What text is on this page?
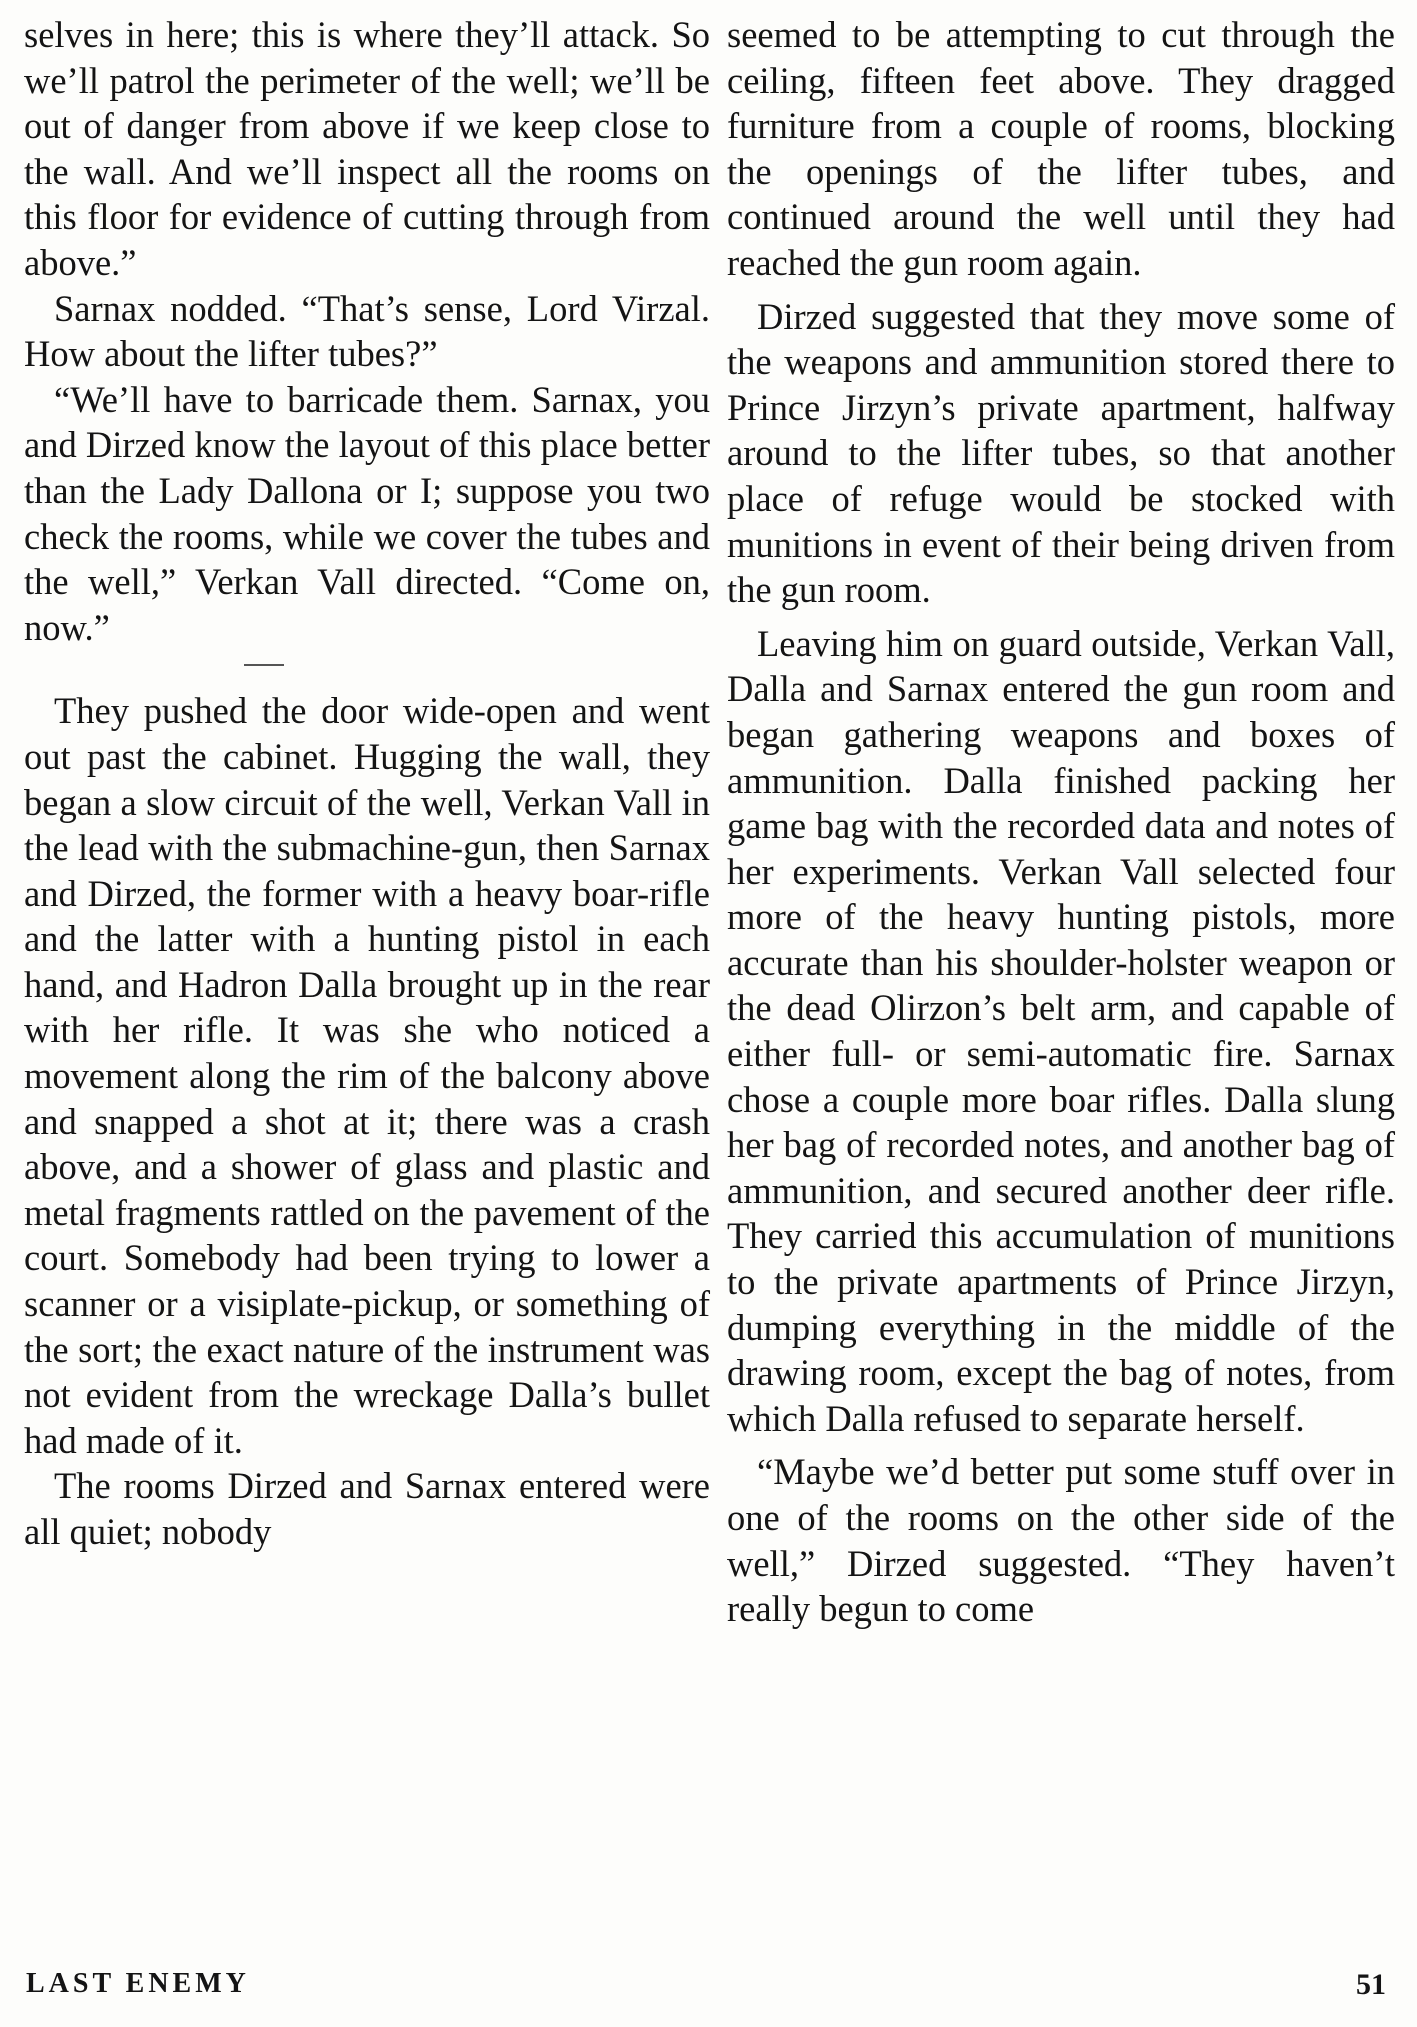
selves in here; this is where they’ll attack. So we’ll patrol the perimeter of the well; we’ll be out of danger from above if we keep close to the wall. And we’ll inspect all the rooms on this floor for evidence of cutting through from above.”

Sarnax nodded. “That’s sense, Lord Virzal. How about the lifter tubes?”

“We’ll have to barricade them. Sarnax, you and Dirzed know the layout of this place better than the Lady Dallona or I; suppose you two check the rooms, while we cover the tubes and the well,” Verkan Vall directed. “Come on, now.”

They pushed the door wide-open and went out past the cabinet. Hugging the wall, they began a slow circuit of the well, Verkan Vall in the lead with the submachine-gun, then Sarnax and Dirzed, the former with a heavy boar-rifle and the latter with a hunting pistol in each hand, and Hadron Dalla brought up in the rear with her rifle. It was she who noticed a movement along the rim of the balcony above and snapped a shot at it; there was a crash above, and a shower of glass and plastic and metal fragments rattled on the pavement of the court. Somebody had been trying to lower a scanner or a visiplate-pickup, or something of the sort; the exact nature of the instrument was not evident from the wreckage Dalla’s bullet had made of it.

The rooms Dirzed and Sarnax entered were all quiet; nobody

seemed to be attempting to cut through the ceiling, fifteen feet above. They dragged furniture from a couple of rooms, blocking the openings of the lifter tubes, and continued around the well until they had reached the gun room again.

Dirzed suggested that they move some of the weapons and ammunition stored there to Prince Jirzyn’s private apartment, halfway around to the lifter tubes, so that another place of refuge would be stocked with munitions in event of their being driven from the gun room.

Leaving him on guard outside, Verkan Vall, Dalla and Sarnax entered the gun room and began gathering weapons and boxes of ammunition. Dalla finished packing her game bag with the recorded data and notes of her experiments. Verkan Vall selected four more of the heavy hunting pistols, more accurate than his shoulder-holster weapon or the dead Olirzon’s belt arm, and capable of either full- or semi-automatic fire. Sarnax chose a couple more boar rifles. Dalla slung her bag of recorded notes, and another bag of ammunition, and secured another deer rifle. They carried this accumulation of munitions to the private apartments of Prince Jirzyn, dumping everything in the middle of the drawing room, except the bag of notes, from which Dalla refused to separate herself.

“Maybe we’d better put some stuff over in one of the rooms on the other side of the well,” Dirzed suggested. “They haven’t really begun to come

LAST ENEMY	51
